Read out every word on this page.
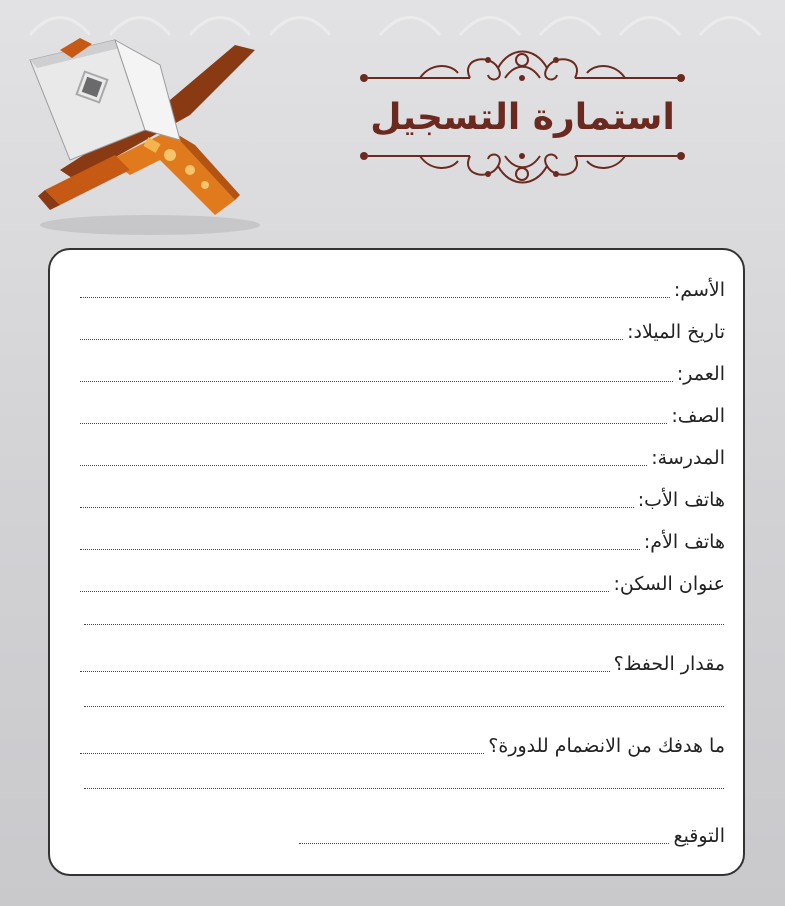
استمارة التسجيل
الأسم:
تاريخ الميلاد:
العمر:
الصف:
المدرسة:
هاتف الأب:
هاتف الأم:
عنوان السكن:
مقدار الحفظ؟
ما هدفك من الانضمام للدورة؟
التوقيع
